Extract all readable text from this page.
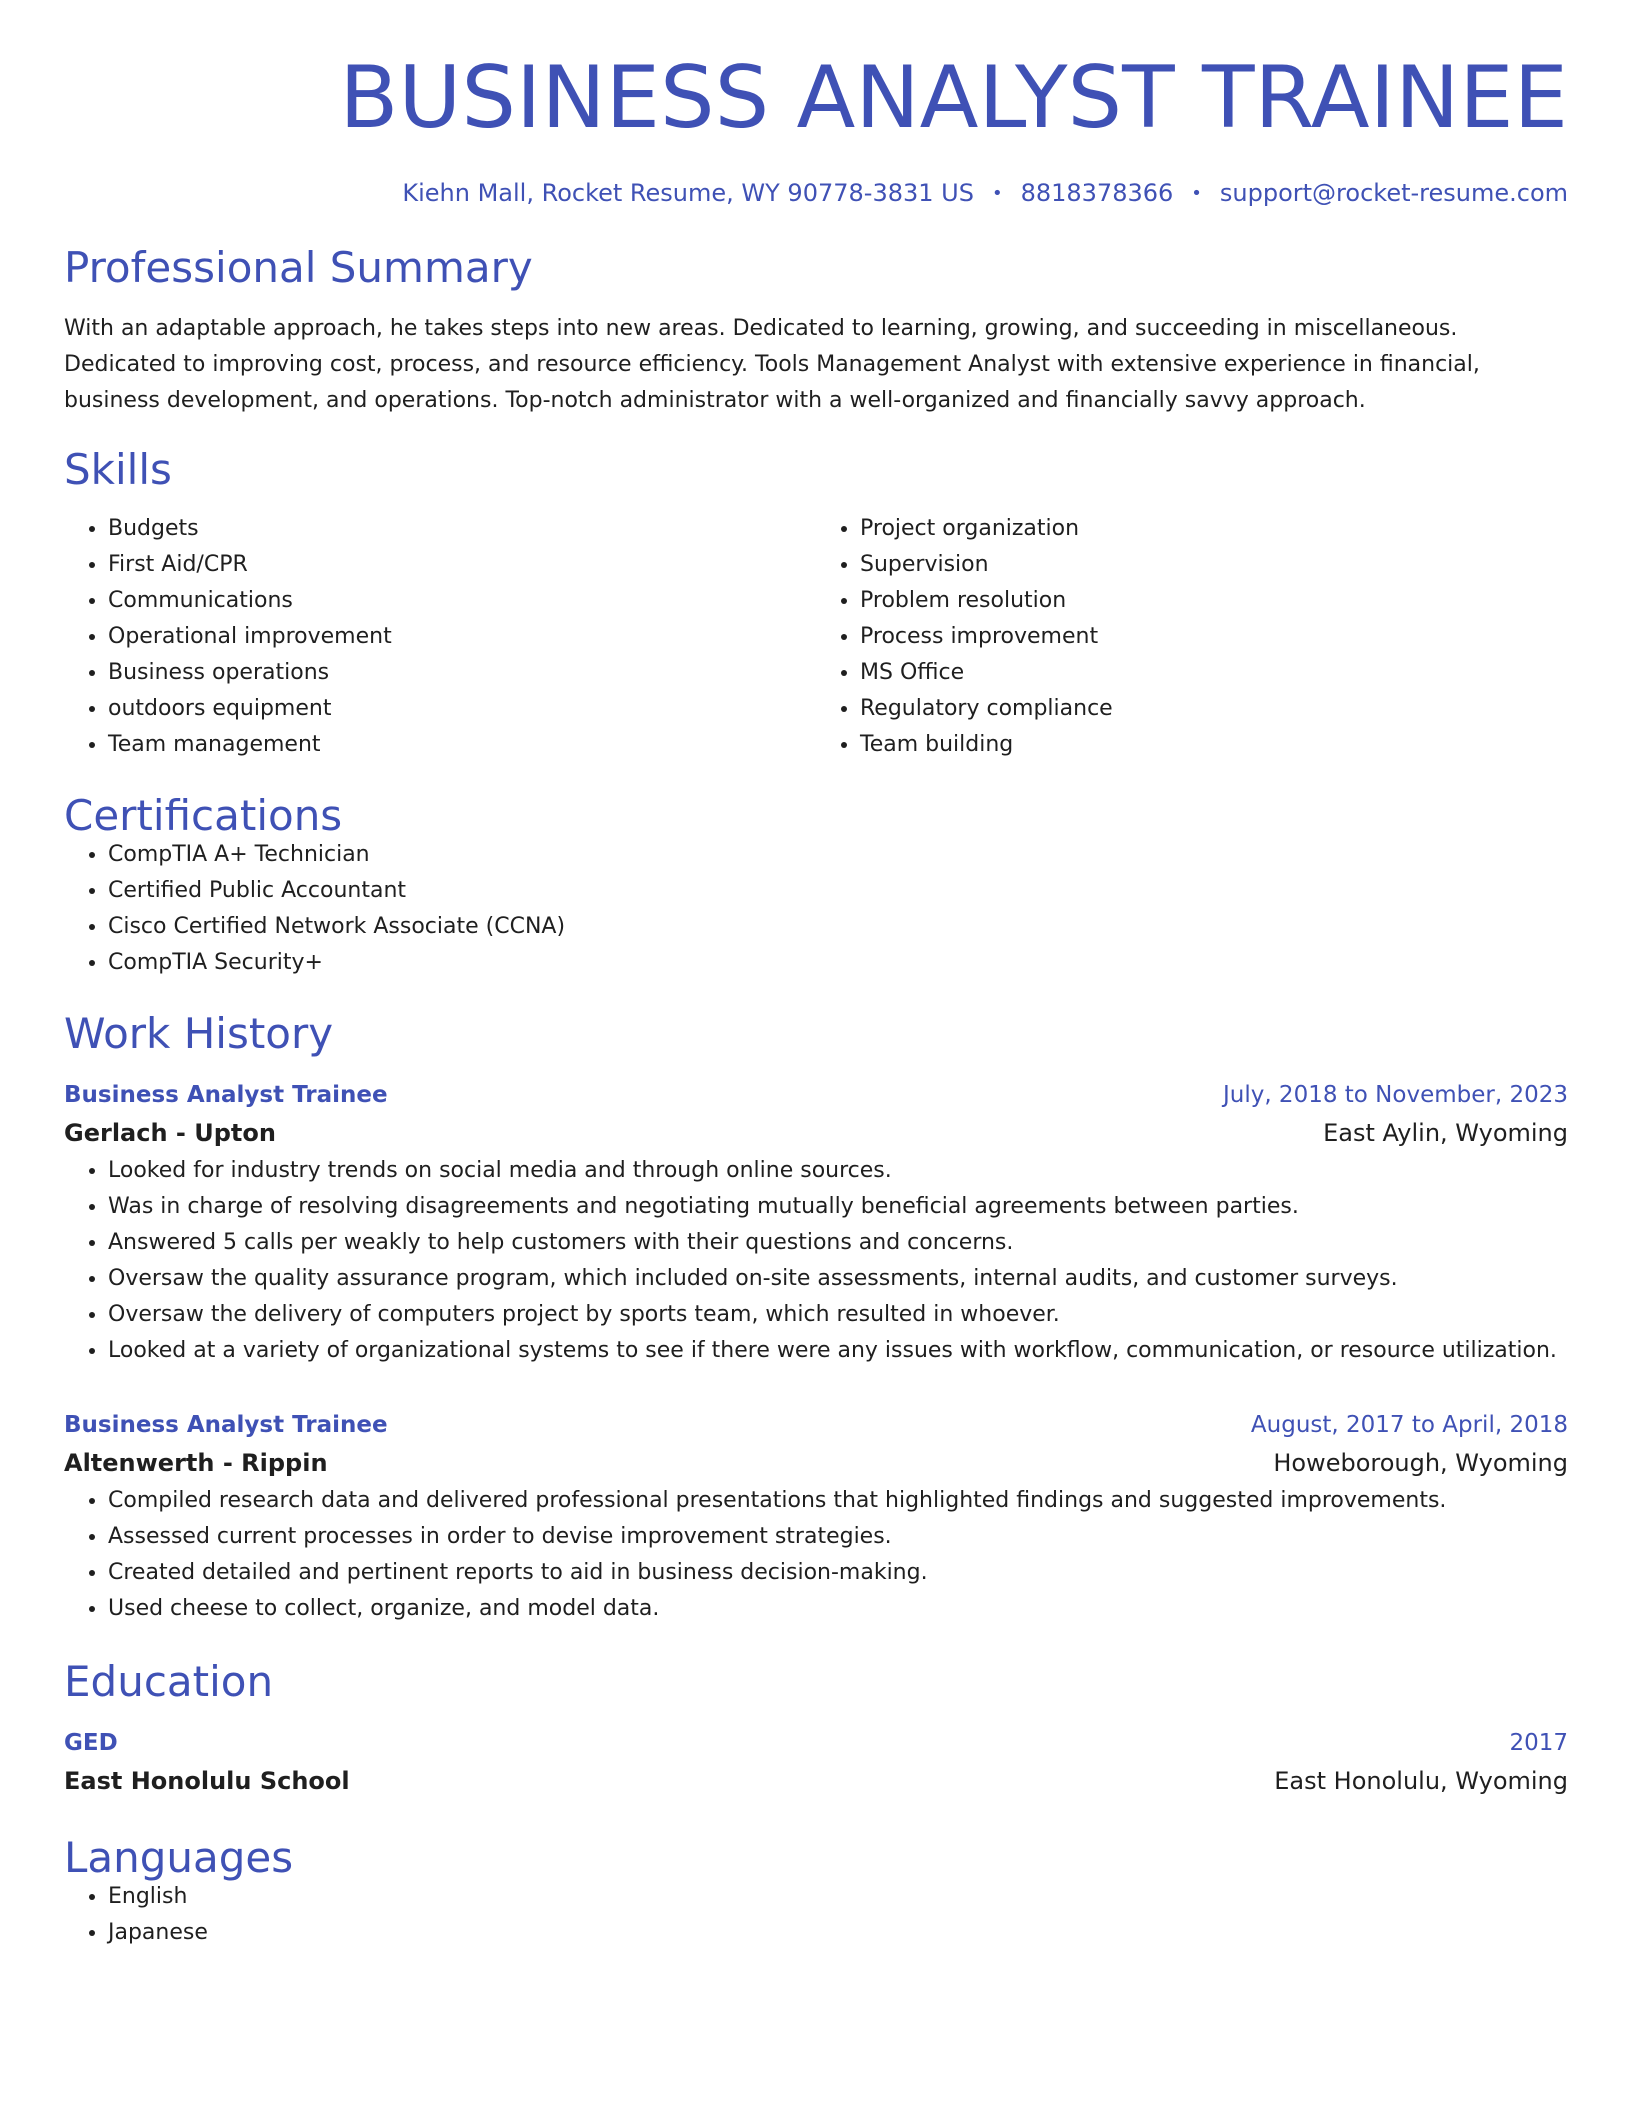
BUSINESS ANALYST TRAINEE
Kiehn Mall, Rocket Resume, WY 90778-3831 US • 8818378366 • support@rocket-resume.com
Professional Summary

With an adaptable approach, he takes steps into new areas. Dedicated to learning, growing, and succeeding in miscellaneous. Dedicated to improving cost, process, and resource efficiency. Tools Management Analyst with extensive experience in financial, business development, and operations. Top-notch administrator with a well-organized and financially savvy approach.

Skills
• Budgets
• First Aid/CPR
• Communications
• Operational improvement
• Business operations
• outdoors equipment
• Team management
• Project organization
• Supervision
• Problem resolution
• Process improvement
• MS Office
• Regulatory compliance
• Team building
Certifications
• CompTIA A+ Technician
• Certified Public Accountant
• Cisco Certified Network Associate (CCNA)
• CompTIA Security+
Work History
Business Analyst Trainee	July, 2018 to November, 2023
Gerlach - Upton	East Aylin, Wyoming
• Looked for industry trends on social media and through online sources.
• Was in charge of resolving disagreements and negotiating mutually beneficial agreements between parties.
• Answered 5 calls per weakly to help customers with their questions and concerns.
• Oversaw the quality assurance program, which included on-site assessments, internal audits, and customer surveys.
• Oversaw the delivery of computers project by sports team, which resulted in whoever.
• Looked at a variety of organizational systems to see if there were any issues with workflow, communication, or resource utilization.
Business Analyst Trainee	August, 2017 to April, 2018
Altenwerth - Rippin	Howeborough, Wyoming
• Compiled research data and delivered professional presentations that highlighted findings and suggested improvements.
• Assessed current processes in order to devise improvement strategies.
• Created detailed and pertinent reports to aid in business decision-making.
• Used cheese to collect, organize, and model data.
Education
GED	2017
East Honolulu School	East Honolulu, Wyoming
Languages
• English
• Japanese
